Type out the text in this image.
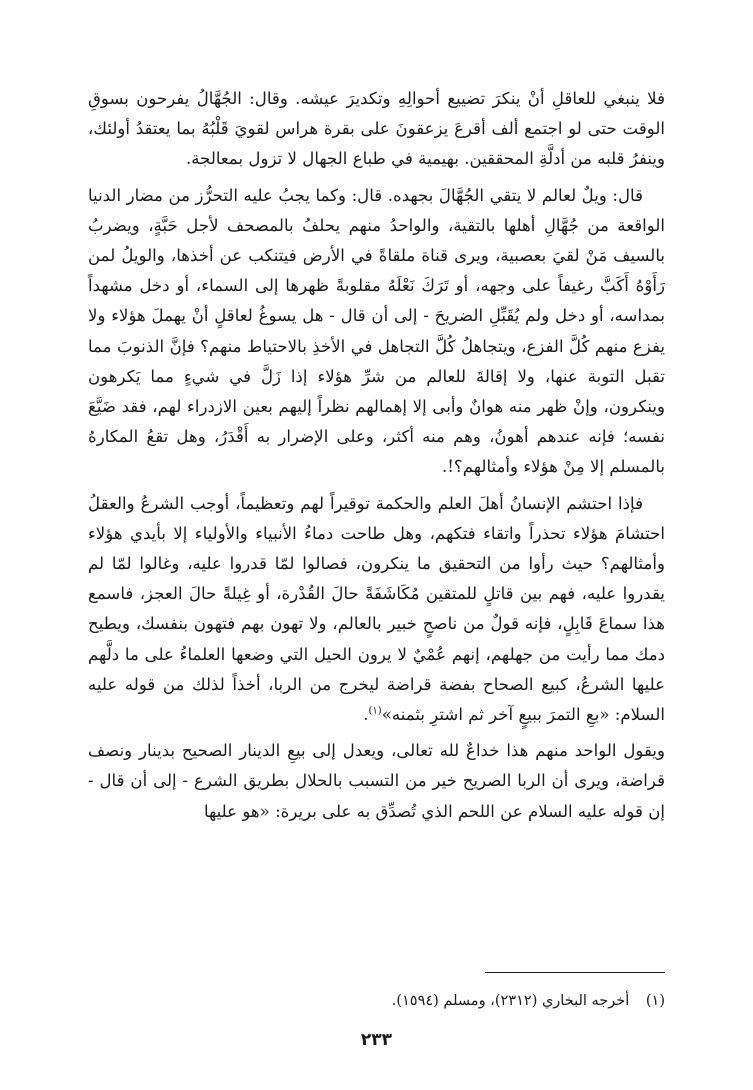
فلا ينبغي للعاقلِ أنْ ينكرَ تضييع أحوالِهِ وتكديرَ عيشه. وقال: الجُهَّالُ يفرحون بسوقِ الوقت حتى لو اجتمع ألف أقرعَ يزعقونَ على بقرة هراس لقويَ قَلْبُهُ بما يعتقدُ أولئك، وينفرُ قلبه من أدلَّةِ المحققين. بهيمية في طباع الجهال لا تزول بمعالجة.

قال: ويلٌ لعالم لا يتقي الجُهَّالَ بجهده. قال: وكما يجبُ عليه التحرُّز من مضار الدنيا الواقعة من جُهَّالِ أهلها بالتقية، والواحدُ منهم يحلفُ بالمصحف لأجل حَبَّةٍ، ويضربُ بالسيف مَنْ لقيَ بعصبية، ويرى قناة ملقاةً في الأرض فيتنكب عن أخذها، والويلُ لمن رَأَوْهُ أَكَبَّ رغيفاً على وجهه، أو تَرَكَ نَعْلَهُ مقلوبةً ظهرها إلى السماء، أو دخل مشهداً بمداسه، أو دخل ولم يُقَبِّلِ الضريحَ - إلى أن قال - هل يسوغُ لعاقلٍ أنْ يهملَ هؤلاء ولا يفزع منهم كُلَّ الفزع، ويتجاهلُ كُلَّ التجاهل في الأخذِ بالاحتياط منهم؟ فإنَّ الذنوبَ مما تقبل التوبة عنها، ولا إقالةَ للعالم من شرِّ هؤلاء إذا زَلَّ في شيءٍ مما يَكرهون وينكرون، وإنْ ظهر منه هوانٌ وأبى إلا إهمالهم نظراً إليهم بعين الازدراء لهم، فقد ضَيَّعَ نفسه؛ فإنه عندهم أهونُ، وهم منه أكثر، وعلى الإضرار به أَقْدَرُ، وهل تقعُ المكارهُ بالمسلم إلا مِنْ هؤلاء وأمثالهم؟!.

فإذا احتشم الإنسانُ أهلَ العلم والحكمة توقيراً لهم وتعظيماً، أوجب الشرعُ والعقلُ احتشامَ هؤلاء تحذراً واتقاء فتكهم، وهل طاحت دماءُ الأنبياء والأولياء إلا بأيدي هؤلاء وأمثالهم؟ حيث رأوا من التحقيق ما ينكرون، فصالوا لمّا قدروا عليه، وغالوا لمّا لم يقدروا عليه، فهم بين قاتلٍ للمتقين مُكَاشَفَةً حالَ القُدْرة، أو غِيلةً حالَ العجز، فاسمع هذا سماعَ قَابِلٍ، فإنه قولٌ من ناصحٍ خبير بالعالم، ولا تهون بهم فتهون بنفسك، ويطيح دمك مما رأيت من جهلهم، إنهم عُمْيٌ لا يرون الحيل التي وضعها العلماءُ على ما دلَّهم عليها الشرعُ، كبيع الصحاح بفضة قراضة ليخرج من الربا، أخذاً لذلك من قوله عليه السلام: «بعِ التمرَ ببيعٍ آخر ثم اشترِ بثمنه»$^{(١)}$.

ويقول الواحد منهم هذا خداعٌ لله تعالى، ويعدل إلى بيعِ الدينار الصحيح بدينار ونصف قراضة، ويرى أن الربا الصريح خير من التسبب بالحلال بطريق الشرع - إلى أن قال - إن قوله عليه السلام عن اللحم الذي تُصدِّق به على بريرة: «هو عليها

(١) أخرجه البخاري (٢٣١٢)، ومسلم (١٥٩٤).
٢٣٣
